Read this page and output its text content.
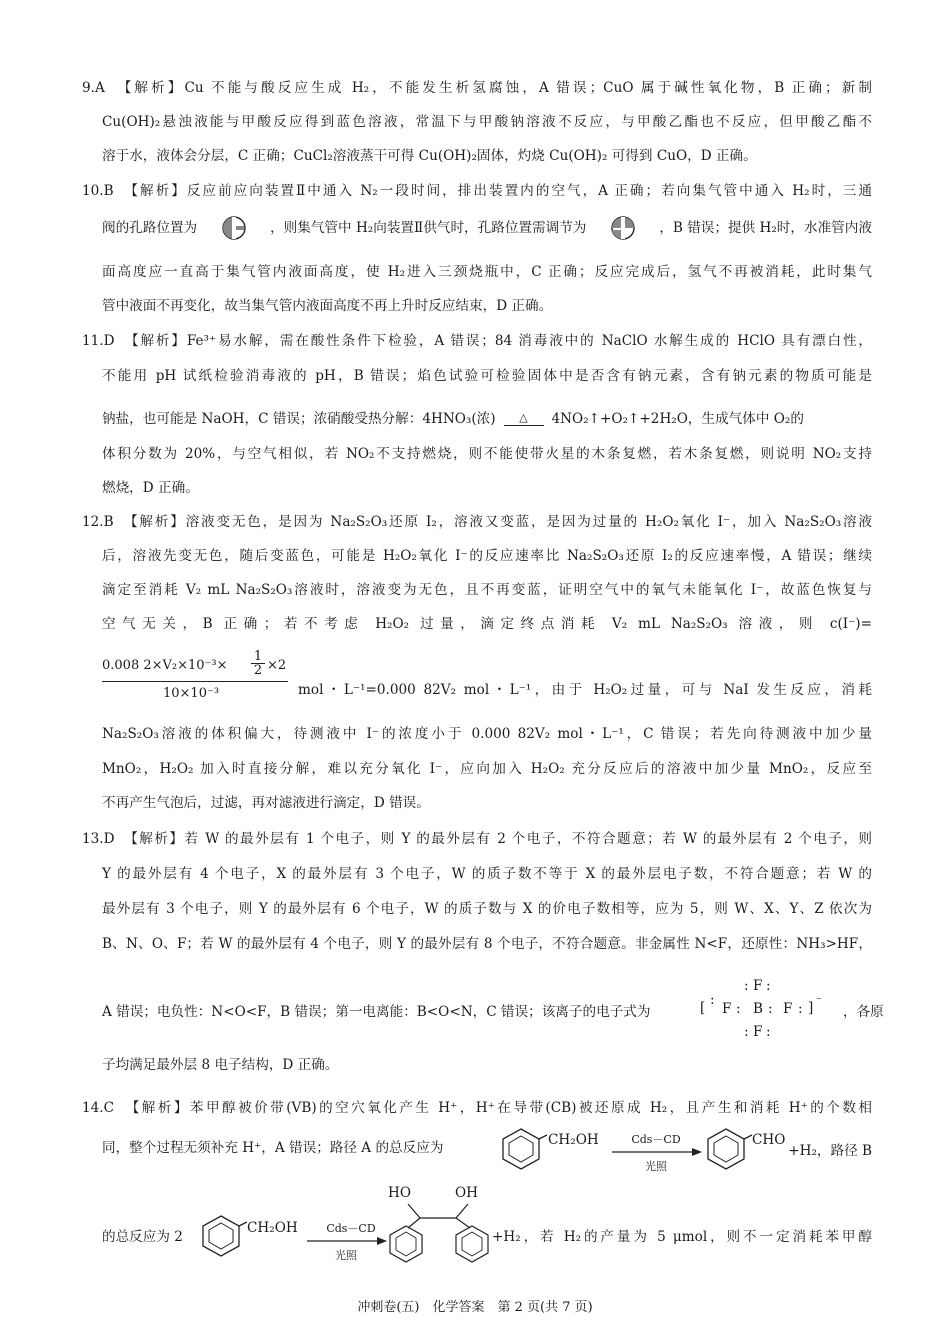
9.A　【解析】Cu 不能与酸反应生成 H₂，不能发生析氢腐蚀，A 错误；CuO 属于碱性氧化物，B 正确；新制
Cu(OH)₂悬浊液能与甲酸反应得到蓝色溶液，常温下与甲酸钠溶液不反应，与甲酸乙酯也不反应，但甲酸乙酯不
溶于水，液体会分层，C 正确；CuCl₂溶液蒸干可得 Cu(OH)₂固体，灼烧 Cu(OH)₂ 可得到 CuO，D 正确。
10.B　【解析】反应前应向装置Ⅱ中通入 N₂一段时间，排出装置内的空气，A 正确；若向集气管中通入 H₂时，三通
阀的孔路位置为	，则集气管中 H₂向装置Ⅱ供气时，孔路位置需调节为	，B 错误；提供 H₂时，水准管内液
面高度应一直高于集气管内液面高度，使 H₂进入三颈烧瓶中，C 正确；反应完成后，氢气不再被消耗，此时集气
管中液面不再变化，故当集气管内液面高度不再上升时反应结束，D 正确。
11.D　【解析】Fe³⁺易水解，需在酸性条件下检验，A 错误；84 消毒液中的 NaClO 水解生成的 HClO 具有漂白性，
不能用 pH 试纸检验消毒液的 pH，B 错误；焰色试验可检验固体中是否含有钠元素，含有钠元素的物质可能是
钠盐，也可能是 NaOH，C 错误；浓硝酸受热分解：4HNO₃(浓) △ 4NO₂↑+O₂↑+2H₂O，生成气体中 O₂的
体积分数为 20%，与空气相似，若 NO₂不支持燃烧，则不能使带火星的木条复燃，若木条复燃，则说明 NO₂支持
燃烧，D 正确。
12.B　【解析】溶液变无色，是因为 Na₂S₂O₃还原 I₂，溶液又变蓝，是因为过量的 H₂O₂氧化 I⁻，加入 Na₂S₂O₃溶液
后，溶液先变无色，随后变蓝色，可能是 H₂O₂氧化 I⁻的反应速率比 Na₂S₂O₃还原 I₂的反应速率慢，A 错误；继续
滴定至消耗 V₂ mL Na₂S₂O₃溶液时，溶液变为无色，且不再变蓝，证明空气中的氧气未能氧化 I⁻，故蓝色恢复与
空气无关，B 正确；若不考虑 H₂O₂ 过量，滴定终点消耗 V₂ mL Na₂S₂O₃ 溶液，则 c(I⁻)=
0.008 $2\times V_2\times 10^{-3}\times \frac{1}{2} \times 2$
10×10⁻³	mol・L⁻¹=0.000 82V₂ mol・L⁻¹，由于 H₂O₂过量，可与 NaI 发生反应，消耗
Na₂S₂O₃溶液的体积偏大，待测液中 I⁻的浓度小于 0.000 82V₂ mol・L⁻¹，C 错误；若先向待测液中加少量
MnO₂，H₂O₂ 加入时直接分解，难以充分氧化 I⁻，应向加入 H₂O₂ 充分反应后的溶液中加少量 MnO₂，反应至
不再产生气泡后，过滤，再对滤液进行滴定，D 错误。
13.D　【解析】若 W 的最外层有 1 个电子，则 Y 的最外层有 2 个电子，不符合题意；若 W 的最外层有 2 个电子，则
Y 的最外层有 4 个电子，X 的最外层有 3 个电子，W 的质子数不等于 X 的最外层电子数，不符合题意；若 W 的
最外层有 3 个电子，则 Y 的最外层有 6 个电子，W 的质子数与 X 的价电子数相等，应为 5，则 W、X、Y、Z 依次为
B、N、O、F；若 W 的最外层有 4 个电子，则 Y 的最外层有 8 个电子，不符合题意。非金属性 N<F，还原性：NH₃>HF，
A 错误；电负性：N<O<F，B 错误；第一电离能：B<O<N，C 错误；该离子的电子式为	[ :
F : B : F : ] ⁻
F
: :
F
: :
，各原
子均满足最外层 8 电子结构，D 正确。
14.C　【解析】苯甲醇被价带(VB)的空穴氧化产生 H⁺，H⁺在导带(CB)被还原成 H₂，且产生和消耗 H⁺的个数相
同，整个过程无须补充 H⁺，A 错误；路径 A 的总反应为	CH₂OH	Cds－CD
光照
CHO
+H₂，路径 B
的总反应为 2
CH₂OH	Cds－CD
光照
HO	OH
+H₂，若 H₂的产量为 5 μmol，则不一定消耗苯甲醇
冲刺卷(五)　化学答案　第 2 页(共 7 页)
